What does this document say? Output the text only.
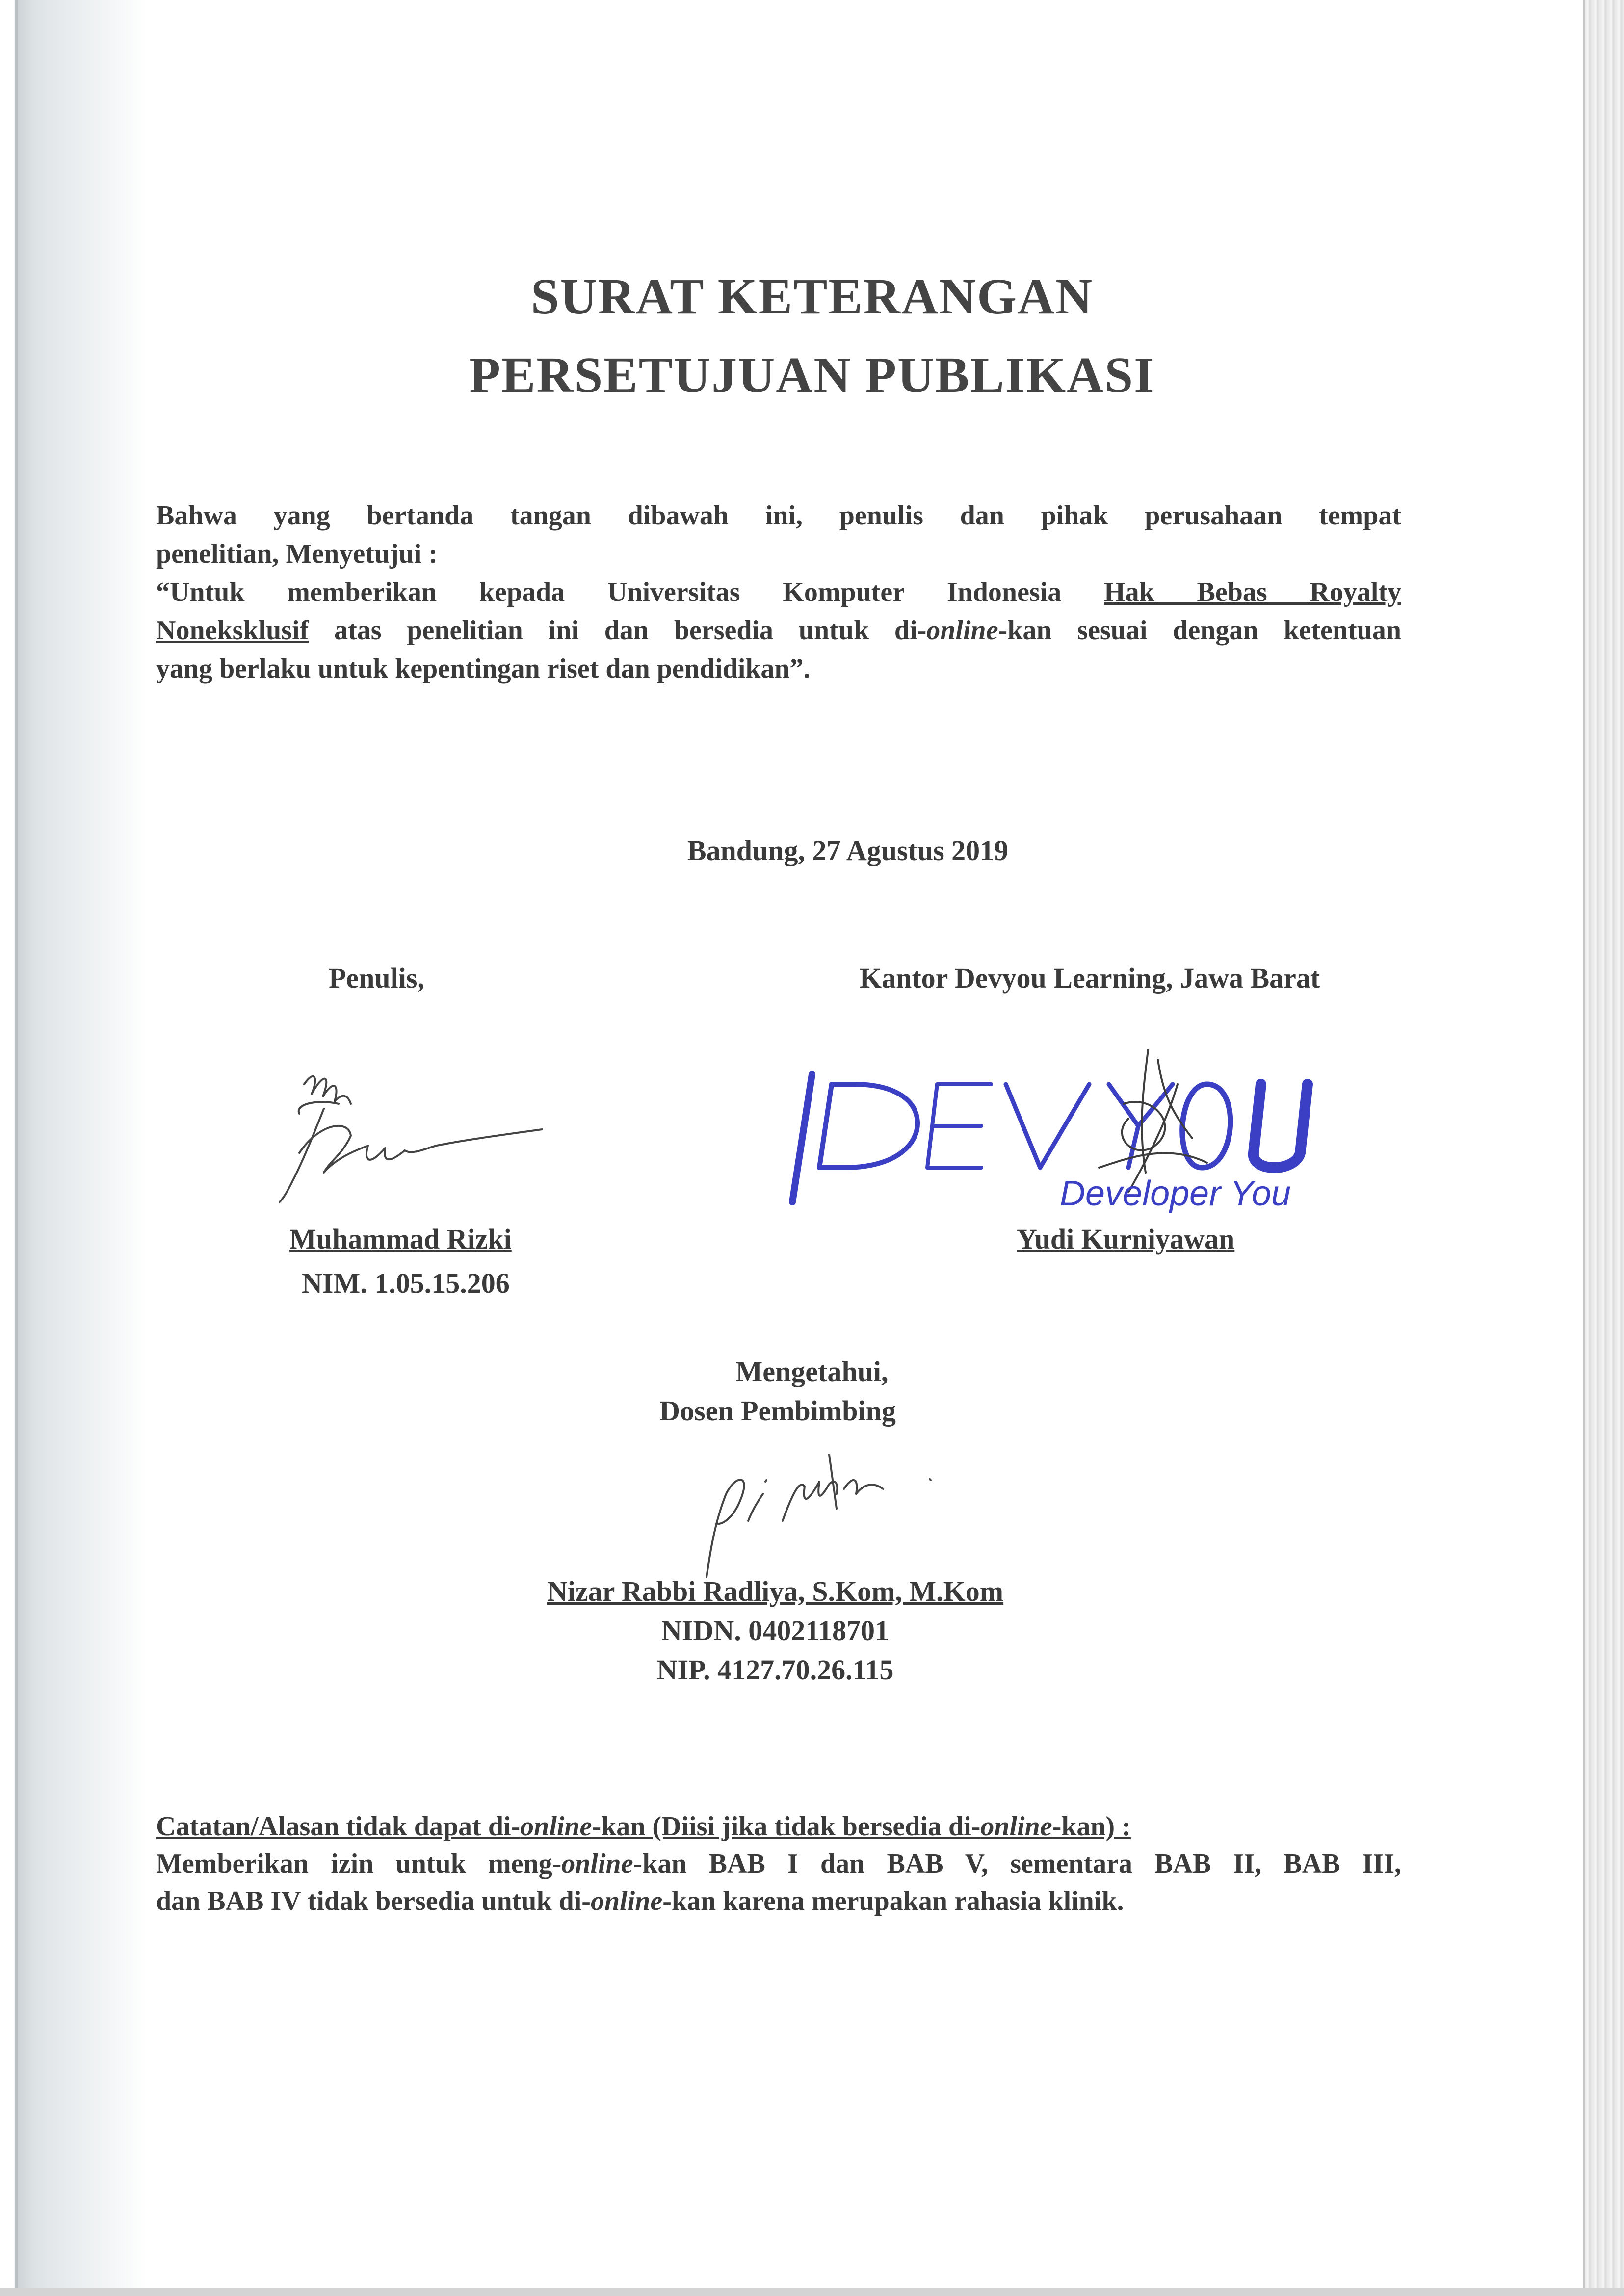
SURAT KETERANGAN
PERSETUJUAN PUBLIKASI
Bahwa yang bertanda tangan dibawah ini, penulis dan pihak perusahaan tempat
penelitian, Menyetujui :
“Untuk memberikan kepada Universitas Komputer Indonesia Hak Bebas Royalty
Noneksklusif atas penelitian ini dan bersedia untuk di-online-kan sesuai dengan ketentuan
yang berlaku untuk kepentingan riset dan pendidikan”.
Bandung, 27 Agustus 2019
Penulis,
Muhammad Rizki
NIM. 1.05.15.206
Kantor Devyou Learning, Jawa Barat
Developer You
Yudi Kurniyawan
Mengetahui,
Dosen Pembimbing
Nizar Rabbi Radliya, S.Kom, M.Kom
NIDN. 0402118701
NIP. 4127.70.26.115
Catatan/Alasan tidak dapat di-online-kan (Diisi jika tidak bersedia di-online-kan) :
Memberikan izin untuk meng-online-kan BAB I dan BAB V, sementara BAB II, BAB III,
dan BAB IV tidak bersedia untuk di-online-kan karena merupakan rahasia klinik.
